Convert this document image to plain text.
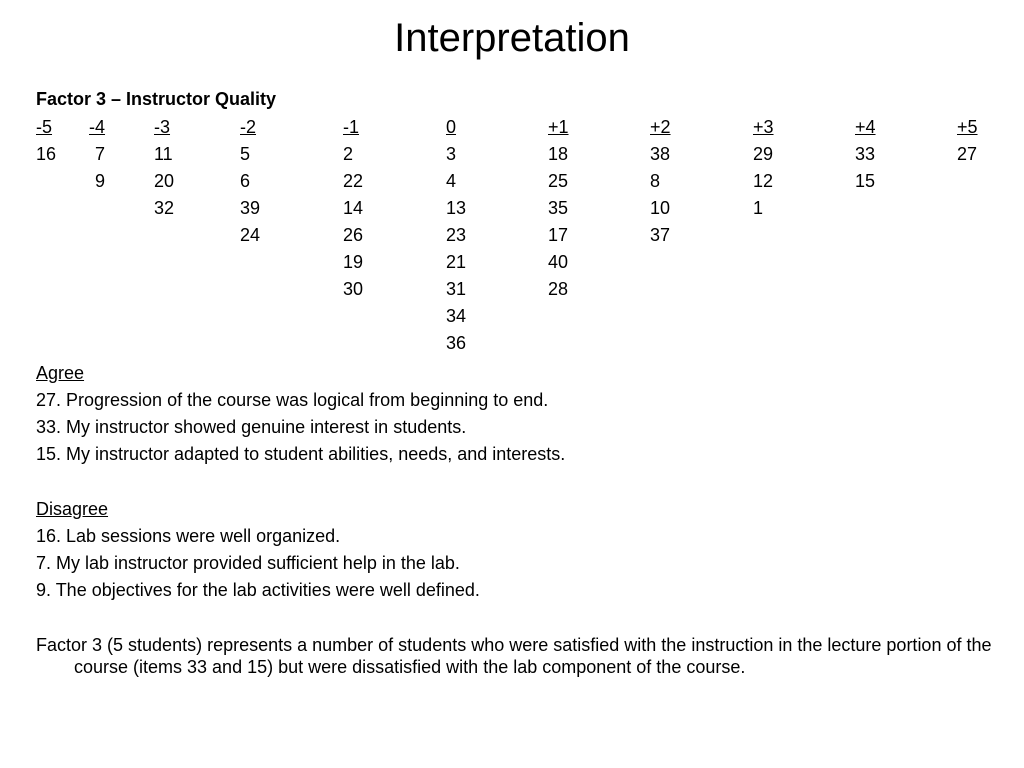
Interpretation
Factor 3 – Instructor Quality
-5
16
-4
7
9
-3
11
20
32
-2
5
6
39
24
-1
2
22
14
26
19
30
0
3
4
13
23
21
31
34
36
+1
18
25
35
17
40
28
+2
38
8
10
37
+3
29
12
1
+4
33
15
+5
27
Agree
27. Progression of the course was logical from beginning to end.
33. My instructor showed genuine interest in students.
15. My instructor adapted to student abilities, needs, and interests.
Disagree
16. Lab sessions were well organized.
7. My lab instructor provided sufficient help in the lab.
9. The objectives for the lab activities were well defined.
Factor 3 (5 students) represents a number of students who were satisfied with the instruction in the lecture portion of the course (items 33 and 15) but were dissatisfied with the lab component of the course.
